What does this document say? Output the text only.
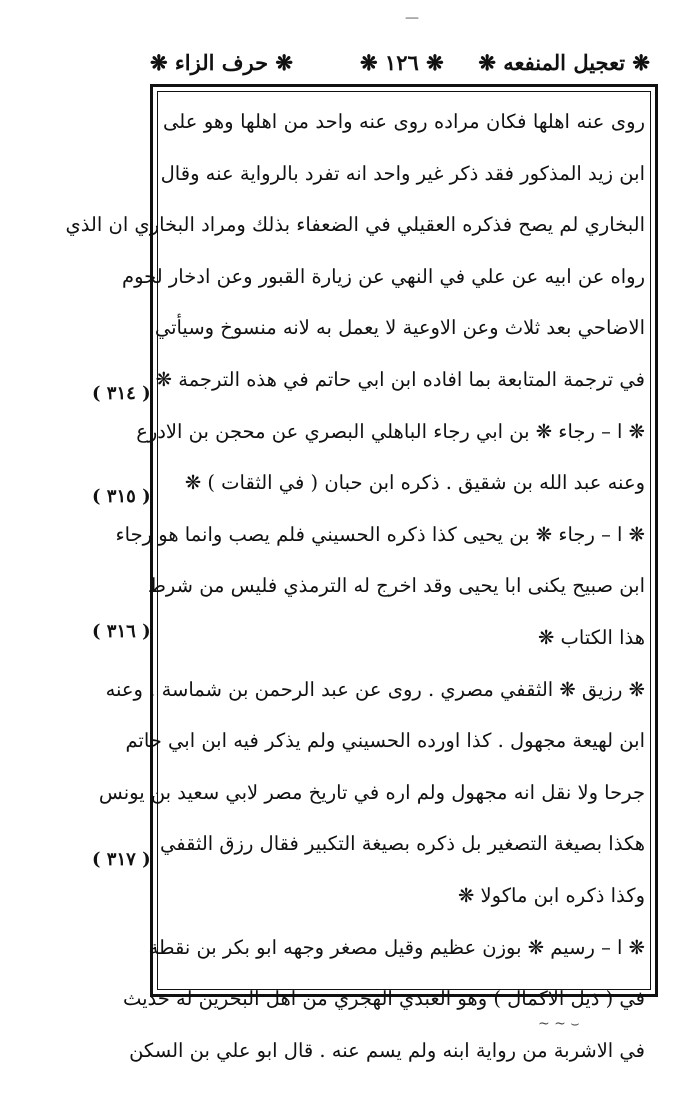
—
❋ تعجيل المنفعه ❋
❋ ١٢٦ ❋
❋ حرف الزاء ❋
روى عنه اهلها فكان مراده روى عنه واحد من اهلها وهو على
ابن زيد المذكور فقد ذكر غير واحد انه تفرد بالرواية عنه وقال
البخاري لم يصح فذكره العقيلي في الضعفاء بذلك ومراد البخاري ان الذي
رواه عن ابيه عن علي في النهي عن زيارة القبور وعن ادخار لحوم
الاضاحي بعد ثلاث وعن الاوعية لا يعمل به لانه منسوخ وسيأتي
في ترجمة المتابعة بما افاده ابن ابي حاتم في هذه الترجمة ❋
❋ ا – رجاء ❋ بن ابي رجاء الباهلي البصري عن محجن بن الادرع
وعنه عبد الله بن شقيق . ذكره ابن حبان ( في الثقات ) ❋
❋ ا – رجاء ❋ بن يحيى كذا ذكره الحسيني فلم يصب وانما هو رجاء
ابن صبيح يكنى ابا يحيى وقد اخرج له الترمذي فليس من شرط
هذا الكتاب ❋
❋ رزيق ❋ الثقفي مصري . روى عن عبد الرحمن بن شماسة . وعنه
ابن لهيعة مجهول . كذا اورده الحسيني ولم يذكر فيه ابن ابي حاتم
جرحا ولا نقل انه مجهول ولم اره في تاريخ مصر لابي سعيد بن يونس
هكذا بصيغة التصغير بل ذكره بصيغة التكبير فقال رزق الثقفي
وكذا ذكره ابن ماكولا ❋
❋ ا – رسيم ❋ بوزن عظيم وقيل مصغر وجهه ابو بكر بن نقطة
في ( ذيل الاكمال ) وهو العبدي الهجري من اهل البحرين له حديث
في الاشربة من رواية ابنه ولم يسم عنه . قال ابو علي بن السكن
( ٣١٤ )
( ٣١٥ )
( ٣١٦ )
( ٣١٧ )
~ ~ ⌣
